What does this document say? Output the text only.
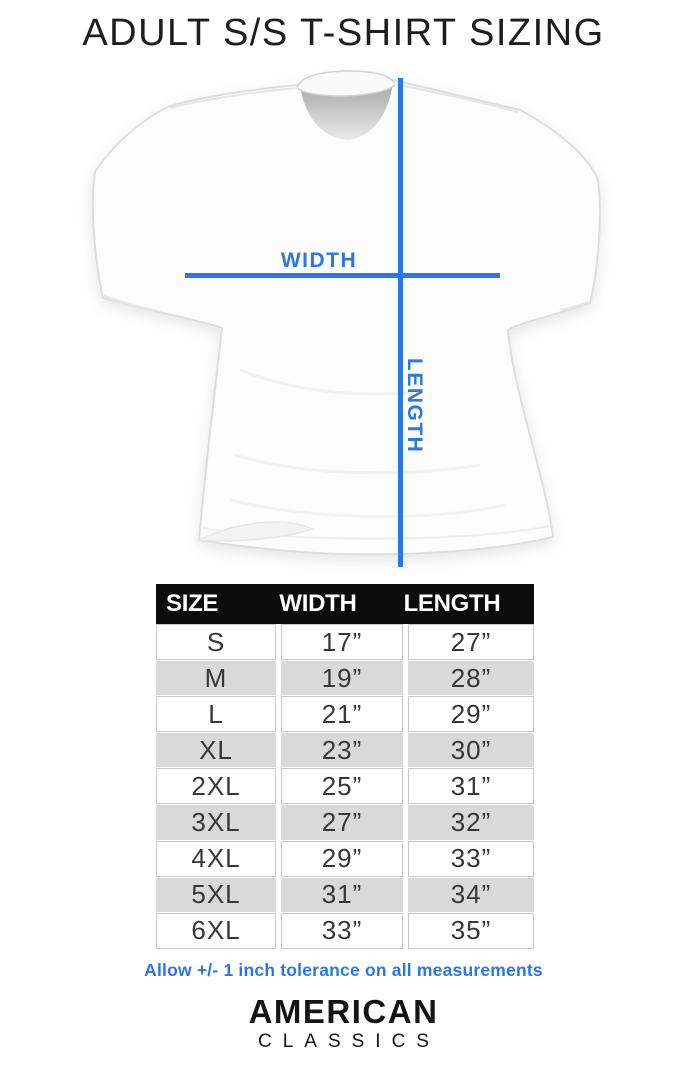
ADULT S/S T-SHIRT SIZING
WIDTH
LENGTH
SIZE	WIDTH LENGTH
S	17”	27”
M	19”	28”
L	21”	29”
XL	23”	30”
2XL	25”	31”
3XL	27”	32”
4XL	29”	33”
5XL	31”	34”
6XL	33”	35”
Allow +/- 1 inch tolerance on all measurements
AMERICAN
CLASSICS
